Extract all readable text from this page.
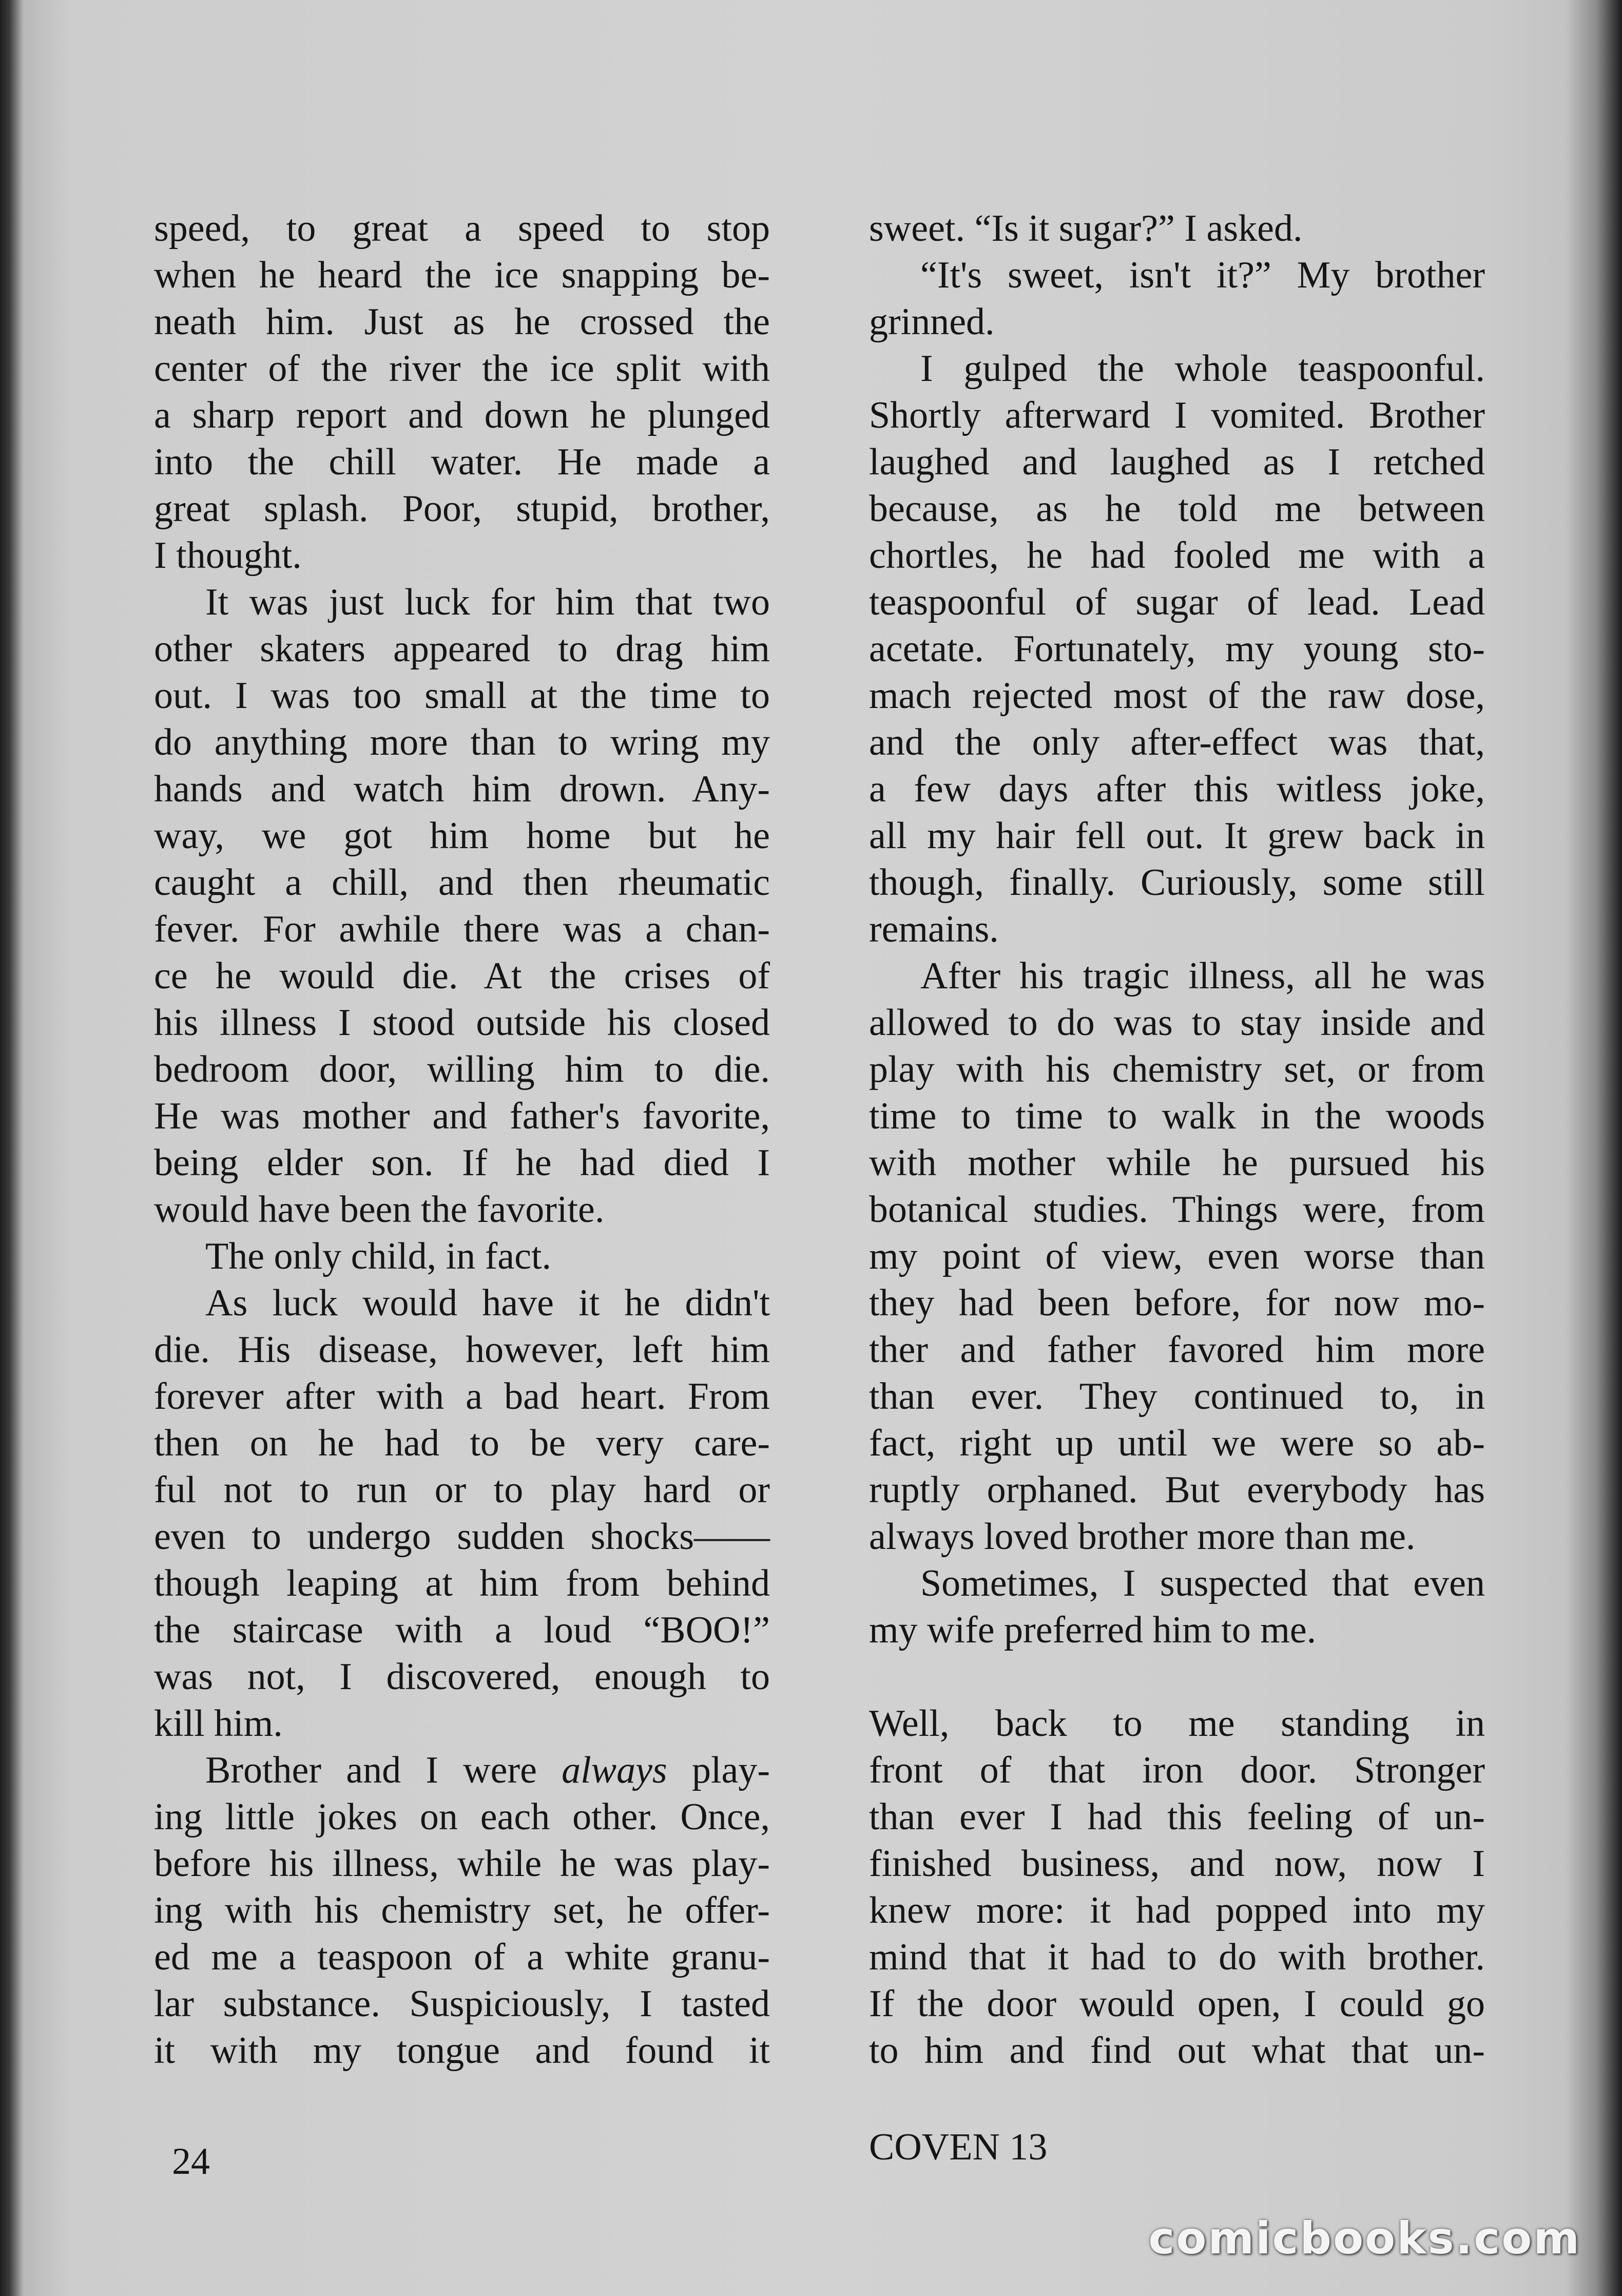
speed, to great a speed to stop
when he heard the ice snapping be-
neath him. Just as he crossed the
center of the river the ice split with
a sharp report and down he plunged
into the chill water. He made a
great splash. Poor, stupid, brother,
I thought.
It was just luck for him that two
other skaters appeared to drag him
out. I was too small at the time to
do anything more than to wring my
hands and watch him drown. Any-
way, we got him home but he
caught a chill, and then rheumatic
fever. For awhile there was a chan-
ce he would die. At the crises of
his illness I stood outside his closed
bedroom door, willing him to die.
He was mother and father's favorite,
being elder son. If he had died I
would have been the favorite.
The only child, in fact.
As luck would have it he didn't
die. His disease, however, left him
forever after with a bad heart. From
then on he had to be very care-
ful not to run or to play hard or
even to undergo sudden shocks——
though leaping at him from behind
the staircase with a loud “BOO!”
was not, I discovered, enough to
kill him.
Brother and I were always play-
ing little jokes on each other. Once,
before his illness, while he was play-
ing with his chemistry set, he offer-
ed me a teaspoon of a white granu-
lar substance. Suspiciously, I tasted
it with my tongue and found it
sweet. “Is it sugar?” I asked.
“It's sweet, isn't it?” My brother
grinned.
I gulped the whole teaspoonful.
Shortly afterward I vomited. Brother
laughed and laughed as I retched
because, as he told me between
chortles, he had fooled me with a
teaspoonful of sugar of lead. Lead
acetate. Fortunately, my young sto-
mach rejected most of the raw dose,
and the only after-effect was that,
a few days after this witless joke,
all my hair fell out. It grew back in
though, finally. Curiously, some still
remains.
After his tragic illness, all he was
allowed to do was to stay inside and
play with his chemistry set, or from
time to time to walk in the woods
with mother while he pursued his
botanical studies. Things were, from
my point of view, even worse than
they had been before, for now mo-
ther and father favored him more
than ever. They continued to, in
fact, right up until we were so ab-
ruptly orphaned. But everybody has
always loved brother more than me.
Sometimes, I suspected that even
my wife preferred him to me.
Well, back to me standing in
front of that iron door. Stronger
than ever I had this feeling of un-
finished business, and now, now I
knew more: it had popped into my
mind that it had to do with brother.
If the door would open, I could go
to him and find out what that un-
24	COVEN 13
comicbooks.com
